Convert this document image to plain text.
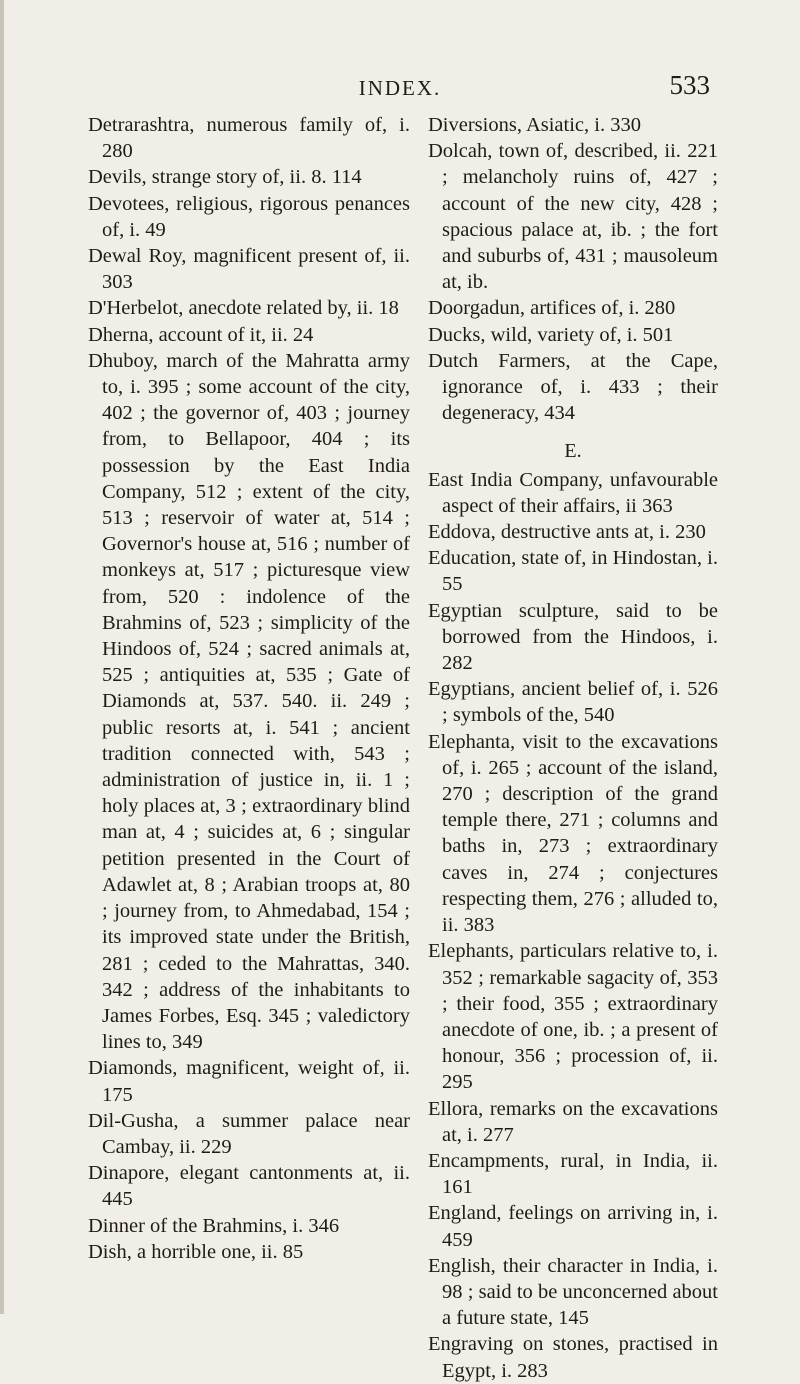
INDEX.	533

Detrarashtra, numerous family of, i. 280

Devils, strange story of, ii. 8. 114

Devotees, religious, rigorous penances of, i. 49

Dewal Roy, magnificent present of, ii. 303

D'Herbelot, anecdote related by, ii. 18

Dherna, account of it, ii. 24

Dhuboy, march of the Mahratta army to, i. 395 ; some account of the city, 402 ; the governor of, 403 ; journey from, to Bellapoor, 404 ; its possession by the East India Company, 512 ; extent of the city, 513 ; reservoir of water at, 514 ; Governor's house at, 516 ; number of monkeys at, 517 ; picturesque view from, 520 : indolence of the Brahmins of, 523 ; simplicity of the Hindoos of, 524 ; sacred animals at, 525 ; antiquities at, 535 ; Gate of Diamonds at, 537. 540. ii. 249 ; public resorts at, i. 541 ; ancient tradition connected with, 543 ; administration of justice in, ii. 1 ; holy places at, 3 ; extraordinary blind man at, 4 ; suicides at, 6 ; singular petition presented in the Court of Adawlet at, 8 ; Arabian troops at, 80 ; journey from, to Ahmedabad, 154 ; its improved state under the British, 281 ; ceded to the Mahrattas, 340. 342 ; address of the inhabitants to James Forbes, Esq. 345 ; valedictory lines to, 349

Diamonds, magnificent, weight of, ii. 175

Dil-Gusha, a summer palace near Cambay, ii. 229

Dinapore, elegant cantonments at, ii. 445

Dinner of the Brahmins, i. 346

Dish, a horrible one, ii. 85

Diversions, Asiatic, i. 330

Dolcah, town of, described, ii. 221 ; melancholy ruins of, 427 ; account of the new city, 428 ; spacious palace at, ib. ; the fort and suburbs of, 431 ; mausoleum at, ib.

Doorgadun, artifices of, i. 280

Ducks, wild, variety of, i. 501

Dutch Farmers, at the Cape, ignorance of, i. 433 ; their degeneracy, 434

E.

East India Company, unfavourable aspect of their affairs, ii 363

Eddova, destructive ants at, i. 230

Education, state of, in Hindostan, i. 55

Egyptian sculpture, said to be borrowed from the Hindoos, i. 282

Egyptians, ancient belief of, i. 526 ; symbols of the, 540

Elephanta, visit to the excavations of, i. 265 ; account of the island, 270 ; description of the grand temple there, 271 ; columns and baths in, 273 ; extraordinary caves in, 274 ; conjectures respecting them, 276 ; alluded to, ii. 383

Elephants, particulars relative to, i. 352 ; remarkable sagacity of, 353 ; their food, 355 ; extraordinary anecdote of one, ib. ; a present of honour, 356 ; procession of, ii. 295

Ellora, remarks on the excavations at, i. 277

Encampments, rural, in India, ii. 161

England, feelings on arriving in, i. 459

English, their character in India, i. 98 ; said to be unconcerned about a future state, 145

Engraving on stones, practised in Egypt, i. 283
